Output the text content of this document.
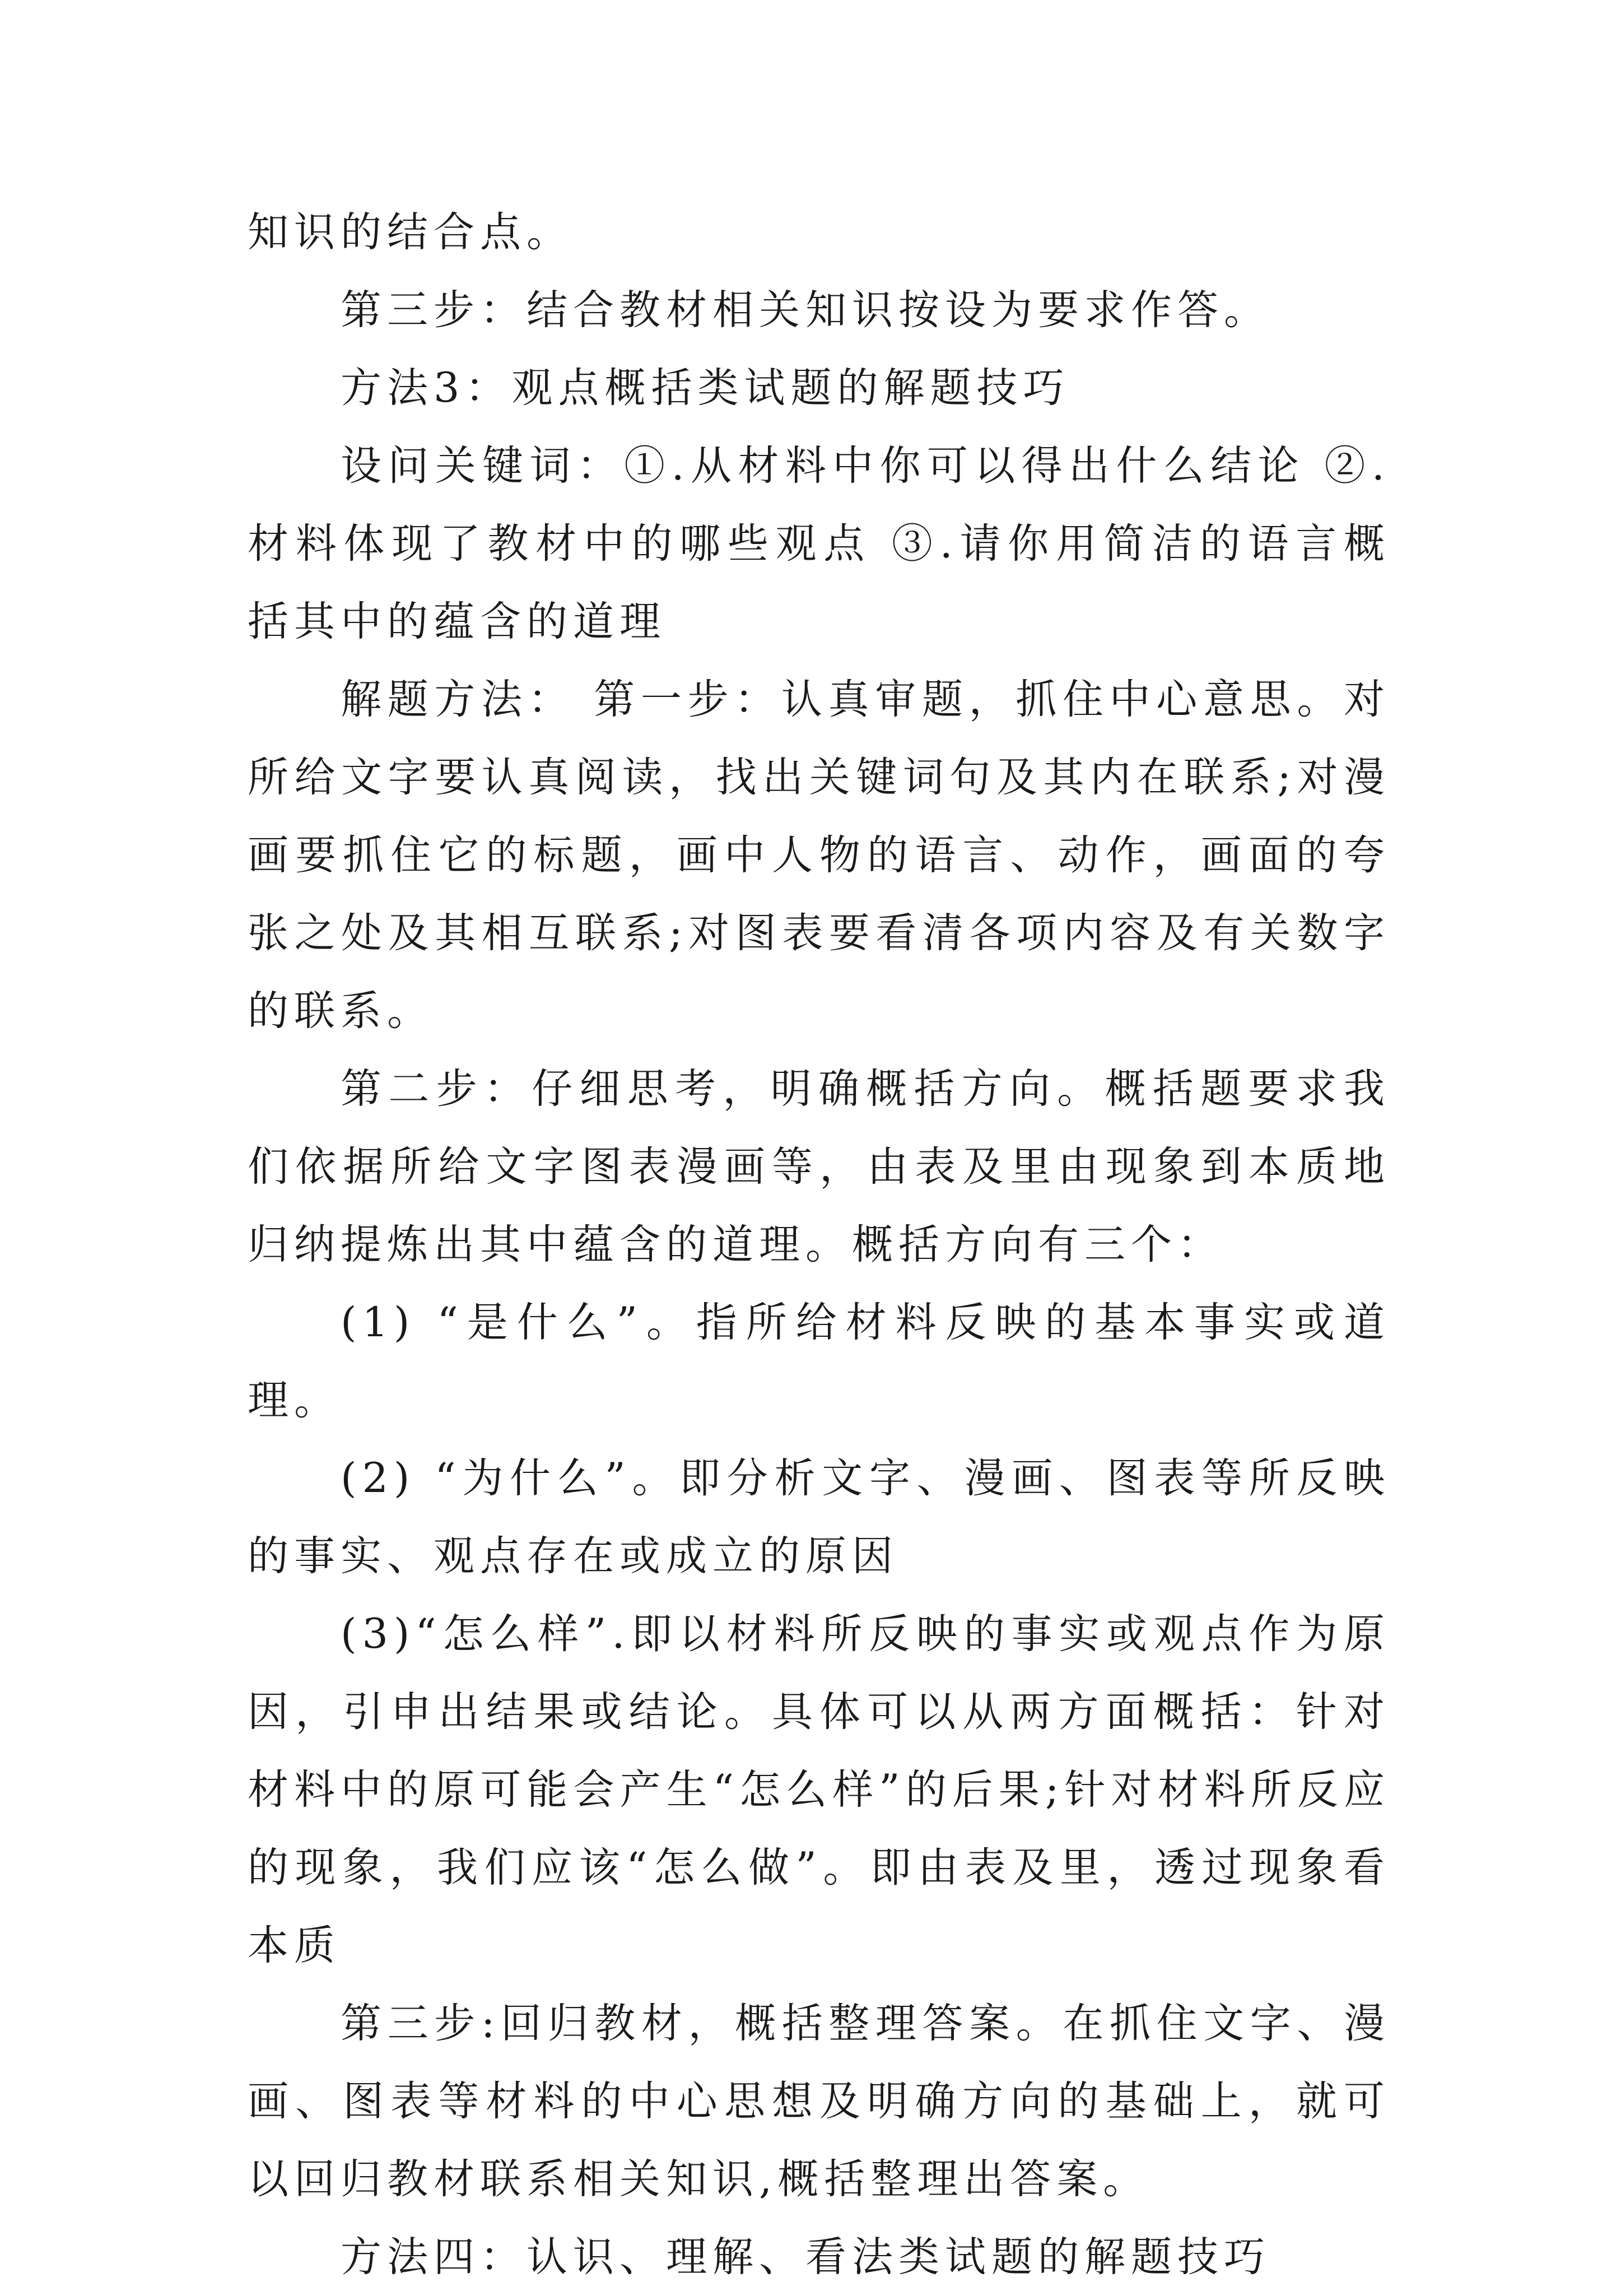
知识的结合点。

第三步：结合教材相关知识按设为要求作答。

方法3：观点概括类试题的解题技巧

设问关键词：①.从材料中你可以得出什么结论 ②.材料体现了教材中的哪些观点 ③.请你用简洁的语言概括其中的蕴含的道理

解题方法： 第一步：认真审题，抓住中心意思。对所给文字要认真阅读，找出关键词句及其内在联系;对漫画要抓住它的标题，画中人物的语言、动作，画面的夸张之处及其相互联系;对图表要看清各项内容及有关数字的联系。

第二步：仔细思考，明确概括方向。概括题要求我们依据所给文字图表漫画等，由表及里由现象到本质地归纳提炼出其中蕴含的道理。概括方向有三个：

(1) “是什么”。指所给材料反映的基本事实或道理。

(2) “为什么”。即分析文字、漫画、图表等所反映的事实、观点存在或成立的原因

(3)“怎么样”.即以材料所反映的事实或观点作为原因，引申出结果或结论。具体可以从两方面概括：针对材料中的原可能会产生“怎么样”的后果;针对材料所反应的现象，我们应该“怎么做”。即由表及里，透过现象看本质

第三步:回归教材，概括整理答案。在抓住文字、漫画、图表等材料的中心思想及明确方向的基础上，就可以回归教材联系相关知识,概括整理出答案。

方法四：认识、理解、看法类试题的解题技巧
